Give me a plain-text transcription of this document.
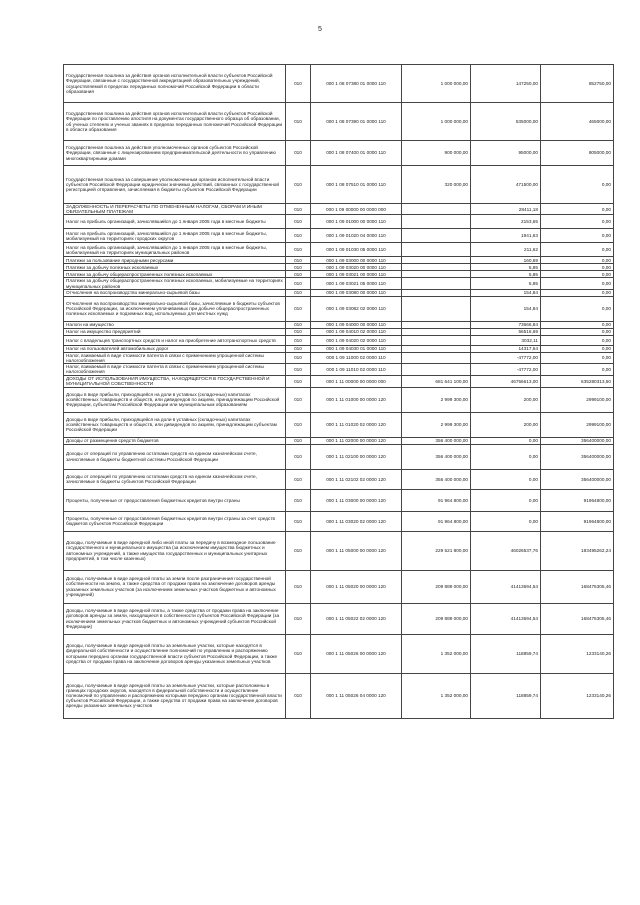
5
Государственная пошлина за действия органов исполнительной власти субъектов Российской Федерации, связанные с государственной аккредитацией образовательных учреждений, осуществляемой в пределах переданных полномочий Российской Федерации в области образования	010	000 1 08 07380 01 0000 110	1 000 000,00	147250,00	852750,00
Государственная пошлина за действия органов исполнительной власти субъектов Российской Федерации по проставлению апостиля на документах государственного образца об образовании, об ученых степенях и ученых званиях в пределах переданных полномочий Российской Федерации в области образования	010	000 1 08 07390 01 0000 110	1 000 000,00	535000,00	465000,00
Государственная пошлина за действия уполномоченных органов субъектов Российской Федерации, связанные с лицензированием предпринимательской деятельности по управлению многоквартирными домами	010	000 1 08 07400 01 0000 110	900 000,00	95000,00	805000,00
Государственная пошлина за совершение уполномоченным органом исполнительной власти субъектов Российской Федерации юридически значимых действий, связанных с государственной регистрацией отправления, зачисляемая в бюджеты субъектов Российской Федерации	010	000 1 08 07510 01 0000 110	320 000,00	471500,00	0,00
ЗАДОЛЖЕННОСТЬ И ПЕРЕРАСЧЕТЫ ПО ОТМЕНЕННЫМ НАЛОГАМ, СБОРАМ И ИНЫМ ОБЯЗАТЕЛЬНЫМ ПЛАТЕЖАМ	010	000 1 09 00000 00 0000 000		28411,18	0,00
Налог на прибыль организаций, зачислявшийся до 1 января 2005 года в местные бюджеты	010	000 1 09 01000 00 0000 110		2153,65	0,00
Налог на прибыль организаций, зачислявшийся до 1 января 2005 года в местные бюджеты, мобилизуемый на территориях городских округов	010	000 1 09 01020 04 0000 110		1941,63	0,00
Налог на прибыль организаций, зачислявшийся до 1 января 2005 года в местные бюджеты, мобилизуемый на территориях муниципальных районов	010	000 1 09 01030 05 0000 110		211,62	0,00
Платежи за пользование природными ресурсами	010	000 1 09 03000 00 0000 110		160,69	0,00
Платежи за добычу полезных ископаемых	010	000 1 09 03020 00 0000 110		5,85	0,00
Платежи за добычу общераспространенных полезных ископаемых	010	000 1 09 03021 00 0000 110		5,85	0,00
Платежи за добычу общераспространенных полезных ископаемых, мобилизуемые на территориях муниципальных районов	010	000 1 09 03021 05 0000 110		5,85	0,00
Отчисления на воспроизводство минерально-сырьевой базы	010	000 1 09 03080 00 0000 110		154,84	0,00
Отчисления на воспроизводство минерально-сырьевой базы, зачисляемые в бюджеты субъектов Российской Федерации, за исключением уплачиваемых при добыче общераспространенных полезных ископаемых и подземных вод, используемых для местных нужд	010	000 1 09 03082 02 0000 110		154,84	0,00
Налоги на имущество	010	000 1 09 04000 00 0000 110		73666,84	0,00
Налог на имущество предприятий	010	000 1 09 04010 02 0000 110		56516,69	0,00
Налог с владельцев транспортных средств и налог на приобретение автотранспортных средств	010	000 1 09 04020 02 0000 110		3032,11	0,00
Налог на пользователей автомобильных дорог	010	000 1 09 04030 01 0000 110		14317,64	0,00
Налог, взимаемый в виде стоимости патента в связи с применением упрощенной системы налогообложения	010	000 1 09 11000 02 0000 110		-47772,00	0,00
Налог, взимаемый в виде стоимости патента в связи с применением упрощенной системы налогообложения	010	000 1 09 11010 02 0000 110		-47772,00	0,00
ДОХОДЫ ОТ ИСПОЛЬЗОВАНИЯ ИМУЩЕСТВА, НАХОДЯЩЕГОСЯ В ГОСУДАРСТВЕННОЙ И МУНИЦИПАЛЬНОЙ СОБСТВЕННОСТИ	010	000 1 11 00000 00 0000 000	681 641 100,00	46756613,00	635280313,50
Доходы в виде прибыли, приходящейся на доли в уставных (складочных) капиталах хозяйственных товариществ и обществ, или дивидендов по акциям, принадлежащим Российской Федерации, субъектам Российской Федерации или муниципальным образованиям	010	000 1 11 01000 00 0000 120	2 999 300,00	200,00	2999100,00
Доходы в виде прибыли, приходящейся на доли в уставных (складочных) капиталах хозяйственных товариществ и обществ, или дивидендов по акциям, принадлежащим субъектам Российской Федерации	010	000 1 11 01020 02 0000 120	2 999 300,00	200,00	2999100,00
Доходы от размещения средств бюджетов	010	000 1 11 02000 00 0000 120	356 400 000,00	0,00	356400000,00
Доходы от операций по управлению остатками средств на едином казначейском счете, зачисляемые в бюджеты бюджетной системы Российской Федерации	010	000 1 11 02100 00 0000 120	356 400 000,00	0,00	356400000,00
Доходы от операций по управлению остатками средств на едином казначейском счете, зачисляемые в бюджеты субъектов Российской Федерации	010	000 1 11 02102 02 0000 120	356 400 000,00	0,00	356400000,00
Проценты, полученные от предоставления бюджетных кредитов внутри страны	010	000 1 11 03000 00 0000 120	91 964 800,00	0,00	91964800,00
Проценты, полученные от предоставления бюджетных кредитов внутри страны за счет средств бюджетов субъектов Российской Федерации	010	000 1 11 03020 02 0000 120	91 964 800,00	0,00	91964800,00
Доходы, получаемые в виде арендной либо иной платы за передачу в возмездное пользование государственного и муниципального имущества (за исключением имущества бюджетных и автономных учреждений, а также имущества государственных и муниципальных унитарных предприятий, в том числе казенных)	010	000 1 11 05000 00 0000 120	229 521 800,00	46026537,76	183495262,24
Доходы, получаемые в виде арендной платы за земли после разграничения государственной собственности на землю, а также средства от продажи права на заключение договоров аренды указанных земельных участков (за исключением земельных участков бюджетных и автономных учреждений)	010	000 1 11 05020 00 0000 120	209 889 000,00	41413694,54	168475305,46
Доходы, получаемые в виде арендной платы, а также средства от продажи права на заключение договоров аренды за земли, находящиеся в собственности субъектов Российской Федерации (за исключением земельных участков бюджетных и автономных учреждений субъектов Российской Федерации)	010	000 1 11 05022 02 0000 120	209 889 000,00	41413694,54	168475305,46
Доходы, получаемые в виде арендной платы за земельные участки, которые находятся в федеральной собственности и осуществление полномочий по управлению и распоряжению которыми передано органам государственной власти субъектов Российской Федерации, а также средства от продажи права на заключение договоров аренды указанных земельных участков	010	000 1 11 05026 00 0000 120	1 352 000,00	118859,74	1233140,26
Доходы, получаемые в виде арендной платы за земельные участки, которые расположены в границах городских округов, находятся в федеральной собственности и осуществление полномочий по управлению и распоряжению которыми передано органам государственной власти субъектов Российской Федерации, а также средства от продажи права на заключение договоров аренды указанных земельных участков	010	000 1 11 05026 04 0000 120	1 352 000,00	118859,74	1233140,26
